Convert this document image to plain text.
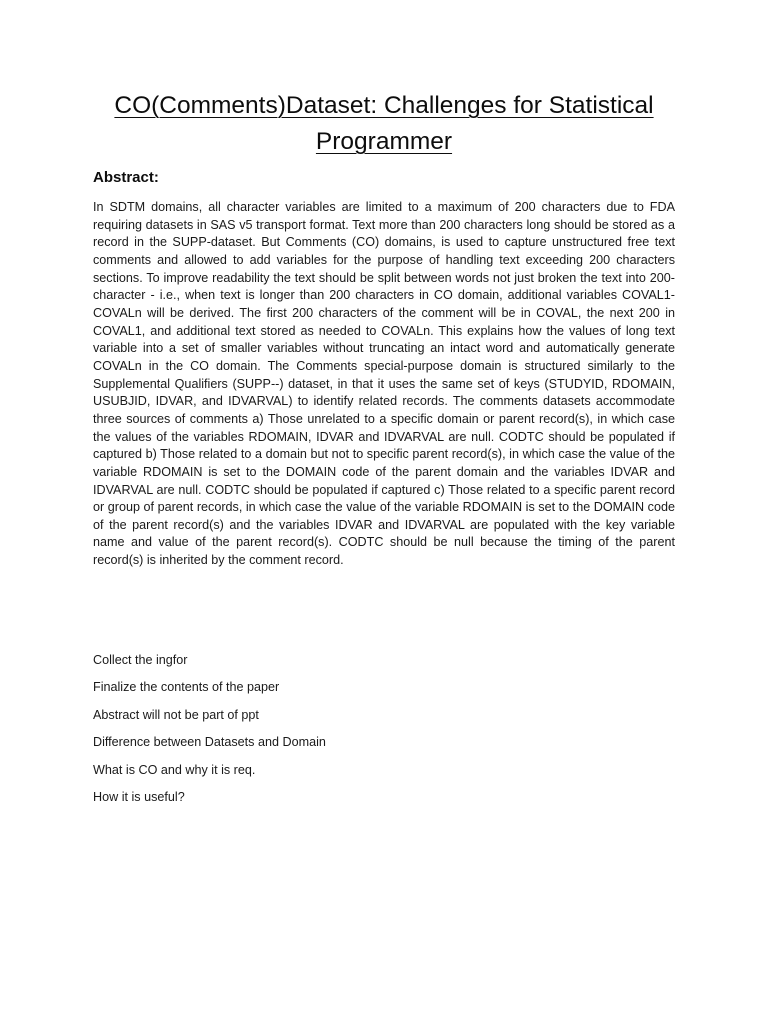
CO(Comments)Dataset: Challenges for Statistical Programmer
Abstract:

In SDTM domains, all character variables are limited to a maximum of 200 characters due to FDA requiring datasets in SAS v5 transport format. Text more than 200 characters long should be stored as a record in the SUPP-dataset. But Comments (CO) domains, is used to capture unstructured free text comments and allowed to add variables for the purpose of handling text exceeding 200 characters sections. To improve readability the text should be split between words not just broken the text into 200-character - i.e., when text is longer than 200 characters in CO domain, additional variables COVAL1-COVALn will be derived. The first 200 characters of the comment will be in COVAL, the next 200 in COVAL1, and additional text stored as needed to COVALn. This explains how the values of long text variable into a set of smaller variables without truncating an intact word and automatically generate COVALn in the CO domain. The Comments special-purpose domain is structured similarly to the Supplemental Qualifiers (SUPP--) dataset, in that it uses the same set of keys (STUDYID, RDOMAIN, USUBJID, IDVAR, and IDVARVAL) to identify related records. The comments datasets accommodate three sources of comments a) Those unrelated to a specific domain or parent record(s), in which case the values of the variables RDOMAIN, IDVAR and IDVARVAL are null. CODTC should be populated if captured b) Those related to a domain but not to specific parent record(s), in which case the value of the variable RDOMAIN is set to the DOMAIN code of the parent domain and the variables IDVAR and IDVARVAL are null. CODTC should be populated if captured c) Those related to a specific parent record or group of parent records, in which case the value of the variable RDOMAIN is set to the DOMAIN code of the parent record(s) and the variables IDVAR and IDVARVAL are populated with the key variable name and value of the parent record(s). CODTC should be null because the timing of the parent record(s) is inherited by the comment record.

Collect the ingfor
Finalize the contents of the paper
Abstract will not be part of ppt
Difference between Datasets and Domain
What is CO and why it is req.
How it is useful?
